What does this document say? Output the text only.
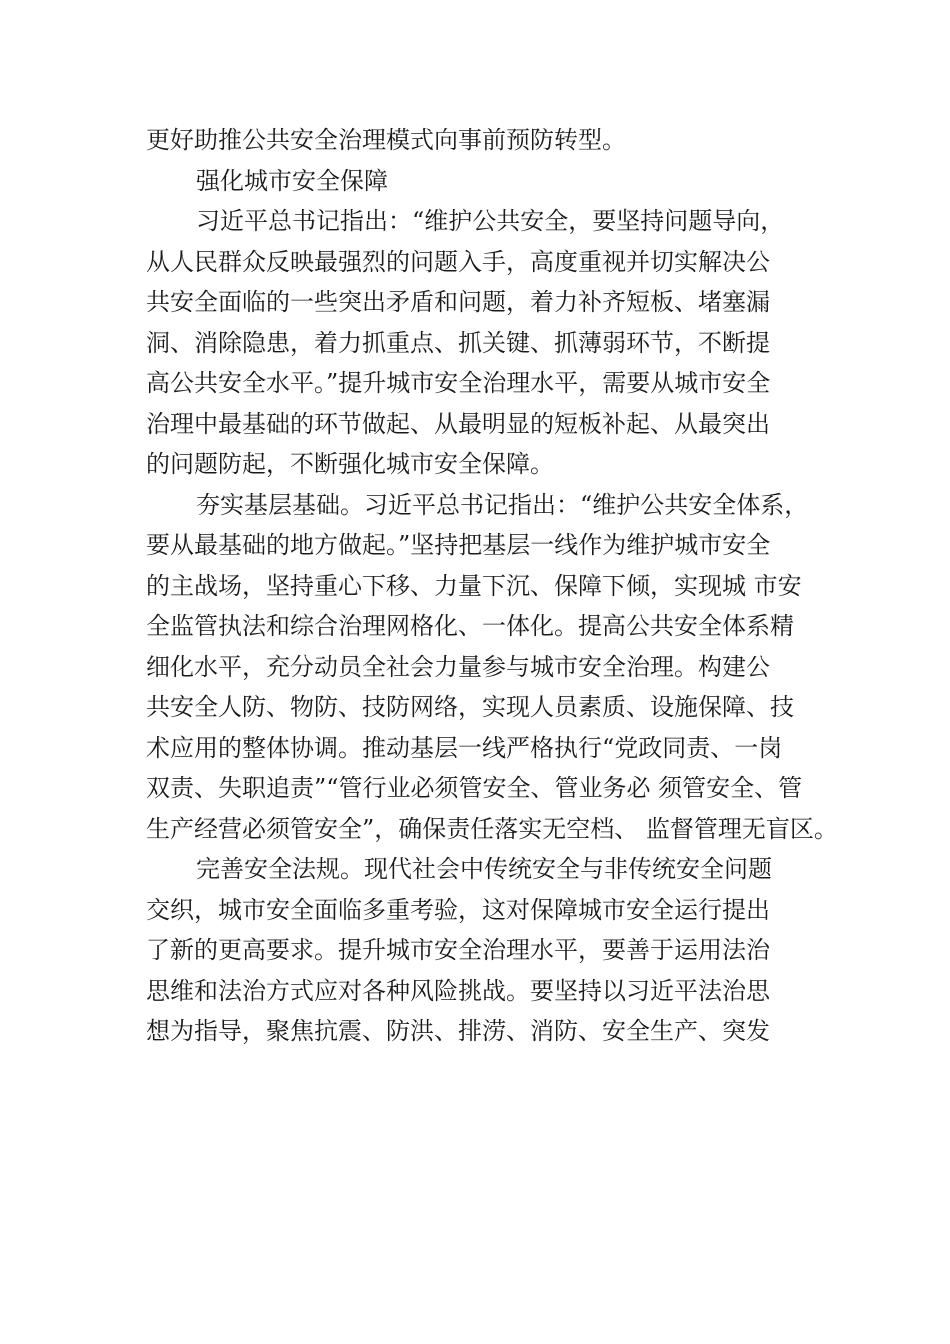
更好助推公共安全治理模式向事前预防转型。
强化城市安全保障
习近平总书记指出：“维护公共安全，要坚持问题导向，
从人民群众反映最强烈的问题入手，高度重视并切实解决公
共安全面临的一些突出矛盾和问题，着力补齐短板、堵塞漏
洞、消除隐患，着力抓重点、抓关键、抓薄弱环节，不断提
高公共安全水平。”提升城市安全治理水平，需要从城市安全
治理中最基础的环节做起、从最明显的短板补起、从最突出
的问题防起，不断强化城市安全保障。
夯实基层基础。习近平总书记指出：“维护公共安全体系，
要从最基础的地方做起。”坚持把基层一线作为维护城市安全
的主战场，坚持重心下移、力量下沉、保障下倾，实现城 市安
全监管执法和综合治理网格化、一体化。提高公共安全体系精
细化水平，充分动员全社会力量参与城市安全治理。构建公
共安全人防、物防、技防网络，实现人员素质、设施保障、技
术应用的整体协调。推动基层一线严格执行“党政同责、一岗
双责、失职追责”“管行业必须管安全、管业务必 须管安全、管
生产经营必须管安全”，确保责任落实无空档、 监督管理无盲区。
完善安全法规。现代社会中传统安全与非传统安全问题
交织，城市安全面临多重考验，这对保障城市安全运行提出
了新的更高要求。提升城市安全治理水平，要善于运用法治
思维和法治方式应对各种风险挑战。要坚持以习近平法治思
想为指导，聚焦抗震、防洪、排涝、消防、安全生产、突发
